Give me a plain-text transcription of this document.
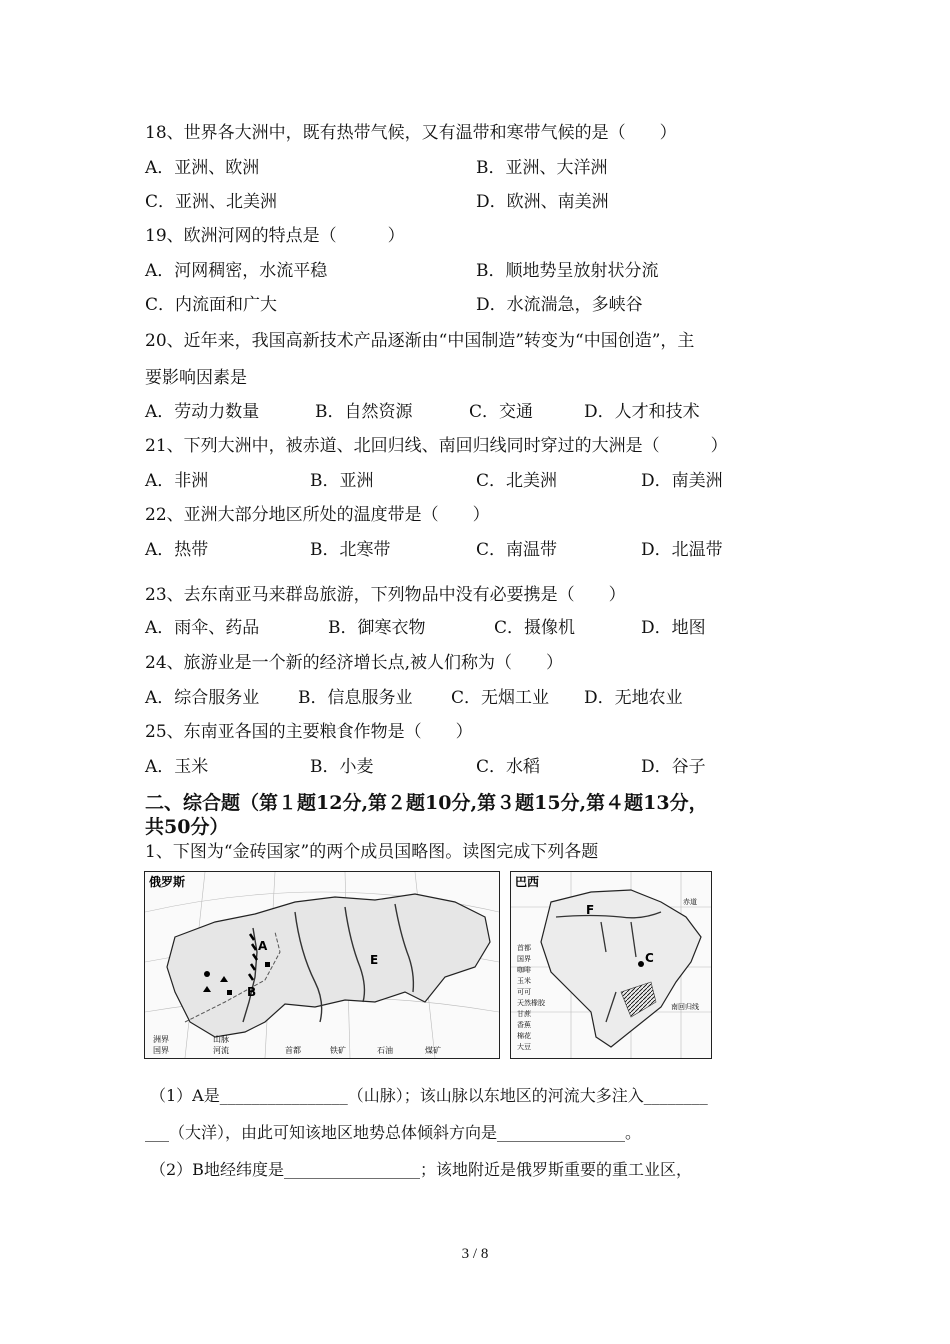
18、世界各大洲中，既有热带气候，又有温带和寒带气候的是（　　）
A．亚洲、欧洲	B．亚洲、大洋洲
C．亚洲、北美洲	D．欧洲、南美洲
19、欧洲河网的特点是（　　　）
A．河网稠密，水流平稳	B．顺地势呈放射状分流
C．内流面和广大	D．水流湍急，多峡谷
20、近年来，我国高新技术产品逐渐由“中国制造”转变为“中国创造”，主
要影响因素是
A．劳动力数量	B．自然资源	C．交通	D．人才和技术
21、下列大洲中，被赤道、北回归线、南回归线同时穿过的大洲是（　　　）
A．非洲	B．亚洲	C．北美洲	D．南美洲
22、亚洲大部分地区所处的温度带是（　　）
A．热带	B．北寒带	C．南温带	D．北温带
23、去东南亚马来群岛旅游，下列物品中没有必要携是（　　）
A．雨伞、药品	B．御寒衣物	C．摄像机	D．地图
24、旅游业是一个新的经济增长点,被人们称为（　　）
A．综合服务业 B．信息服务业 C．无烟工业 D．无地农业
25、东南亚各国的主要粮食作物是（　　）
A．玉米	B．小麦	C．水稻	D．谷子
二、综合题（第１题12分,第２题10分,第３题15分,第４题13分，
共50分）
1、下图为“金砖国家”的两个成员国略图。读图完成下列各题
俄罗斯
A
B
E
洲界
国界
山脉
河流	首都	铁矿	石油	煤矿
巴西
F
C
赤道
南回归线
首都
国界
咖啡
玉米
可可
天然橡胶
甘蔗
香蕉
棉花
大豆
（1）A是________________（山脉）；该山脉以东地区的河流大多注入________
___（大洋），由此可知该地区地势总体倾斜方向是________________。
（2）B地经纬度是_________________；该地附近是俄罗斯重要的重工业区，
3 / 8
